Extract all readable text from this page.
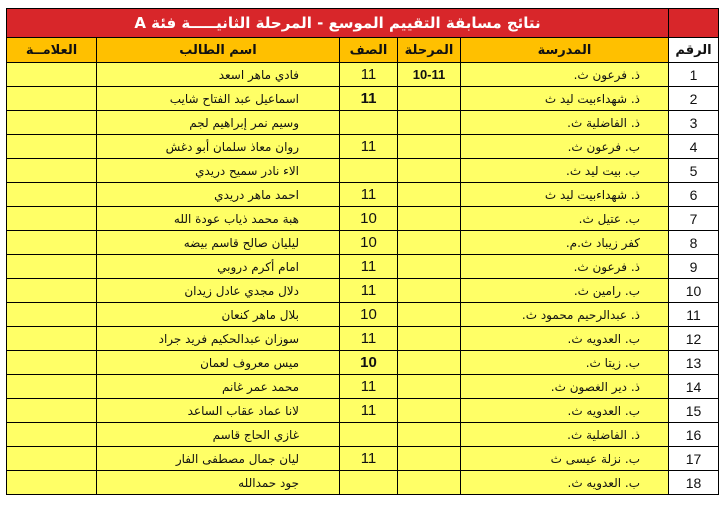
نتائج مسابقة التقييم الموسع - المرحلة الثانيـــــة فئة A					
العلامــة	اسم الطالب	الصف	المرحلة	المدرسة	الرقم
	فادي ماهر اسعد	11	10-11	ذ. فرعون ث.	1
	اسماعيل عبد الفتاح شايب	11		ذ. شهداءبيت ليد ث	2
	وسيم نمر إبراهيم لجم			ذ. الفاضلية ث.	3
	روان معاذ سلمان أبو دغش	11		ب. فرعون ث.	4
	الاء نادر سميح دريدي			ب. بيت ليد ث.	5
	احمد ماهر دريدي	11		ذ. شهداءبيت ليد ث	6
	هبة محمد ذياب عودة الله	10		ب. عتيل ث.	7
	ليليان صالح قاسم بيضه	10		كفر زيباد ث.م.	8
	امام أكرم دروبي	11		ذ. فرعون ث.	9
	دلال مجدي عادل زيدان	11		ب. رامين ث.	10
	بلال ماهر كنعان	10		ذ. عبدالرحيم محمود ث.	11
	سوزان عبدالحكيم فريد جراد	11		ب. العدويه ث.	12
	ميس معروف لعمان	10		ب. زيتا ث.	13
	محمد عمر غانم	11		ذ. دير الغصون ث.	14
	لانا عماد عقاب الساعد	11		ب. العدويه ث.	15
	غازي الحاج قاسم			ذ. الفاضلية ث.	16
	ليان جمال مصطفى الفار	11		ب. نزلة عيسى ث	17
	جود حمدالله			ب. العدويه ث.	18
